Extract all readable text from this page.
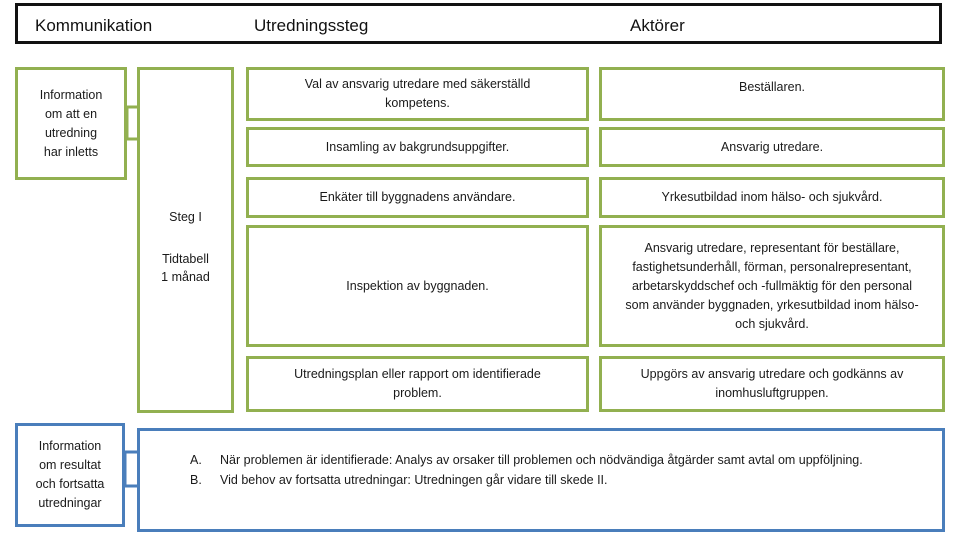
Kommunikation	Utredningssteg	Aktörer
Information
om att en
utredning
har inletts
Steg I
Tidtabell
1 månad
Val av ansvarig utredare med säkerställd
kompetens.
Insamling av bakgrundsuppgifter.
Enkäter till byggnadens användare.
Inspektion av byggnaden.
Utredningsplan eller rapport om identifierade
problem.
Beställaren.
Ansvarig utredare.
Yrkesutbildad inom hälso- och sjukvård.
Ansvarig utredare, representant för beställare,
fastighetsunderhåll, förman, personalrepresentant,
arbetarskyddschef och -fullmäktig för den personal
som använder byggnaden, yrkesutbildad inom hälso-
och sjukvård.
Uppgörs av ansvarig utredare och godkänns av
inomhusluftgruppen.
Information
om resultat
och fortsatta
utredningar
A. När problemen är identifierade: Analys av orsaker till problemen och nödvändiga åtgärder samt avtal om uppföljning.
B. Vid behov av fortsatta utredningar: Utredningen går vidare till skede II.
